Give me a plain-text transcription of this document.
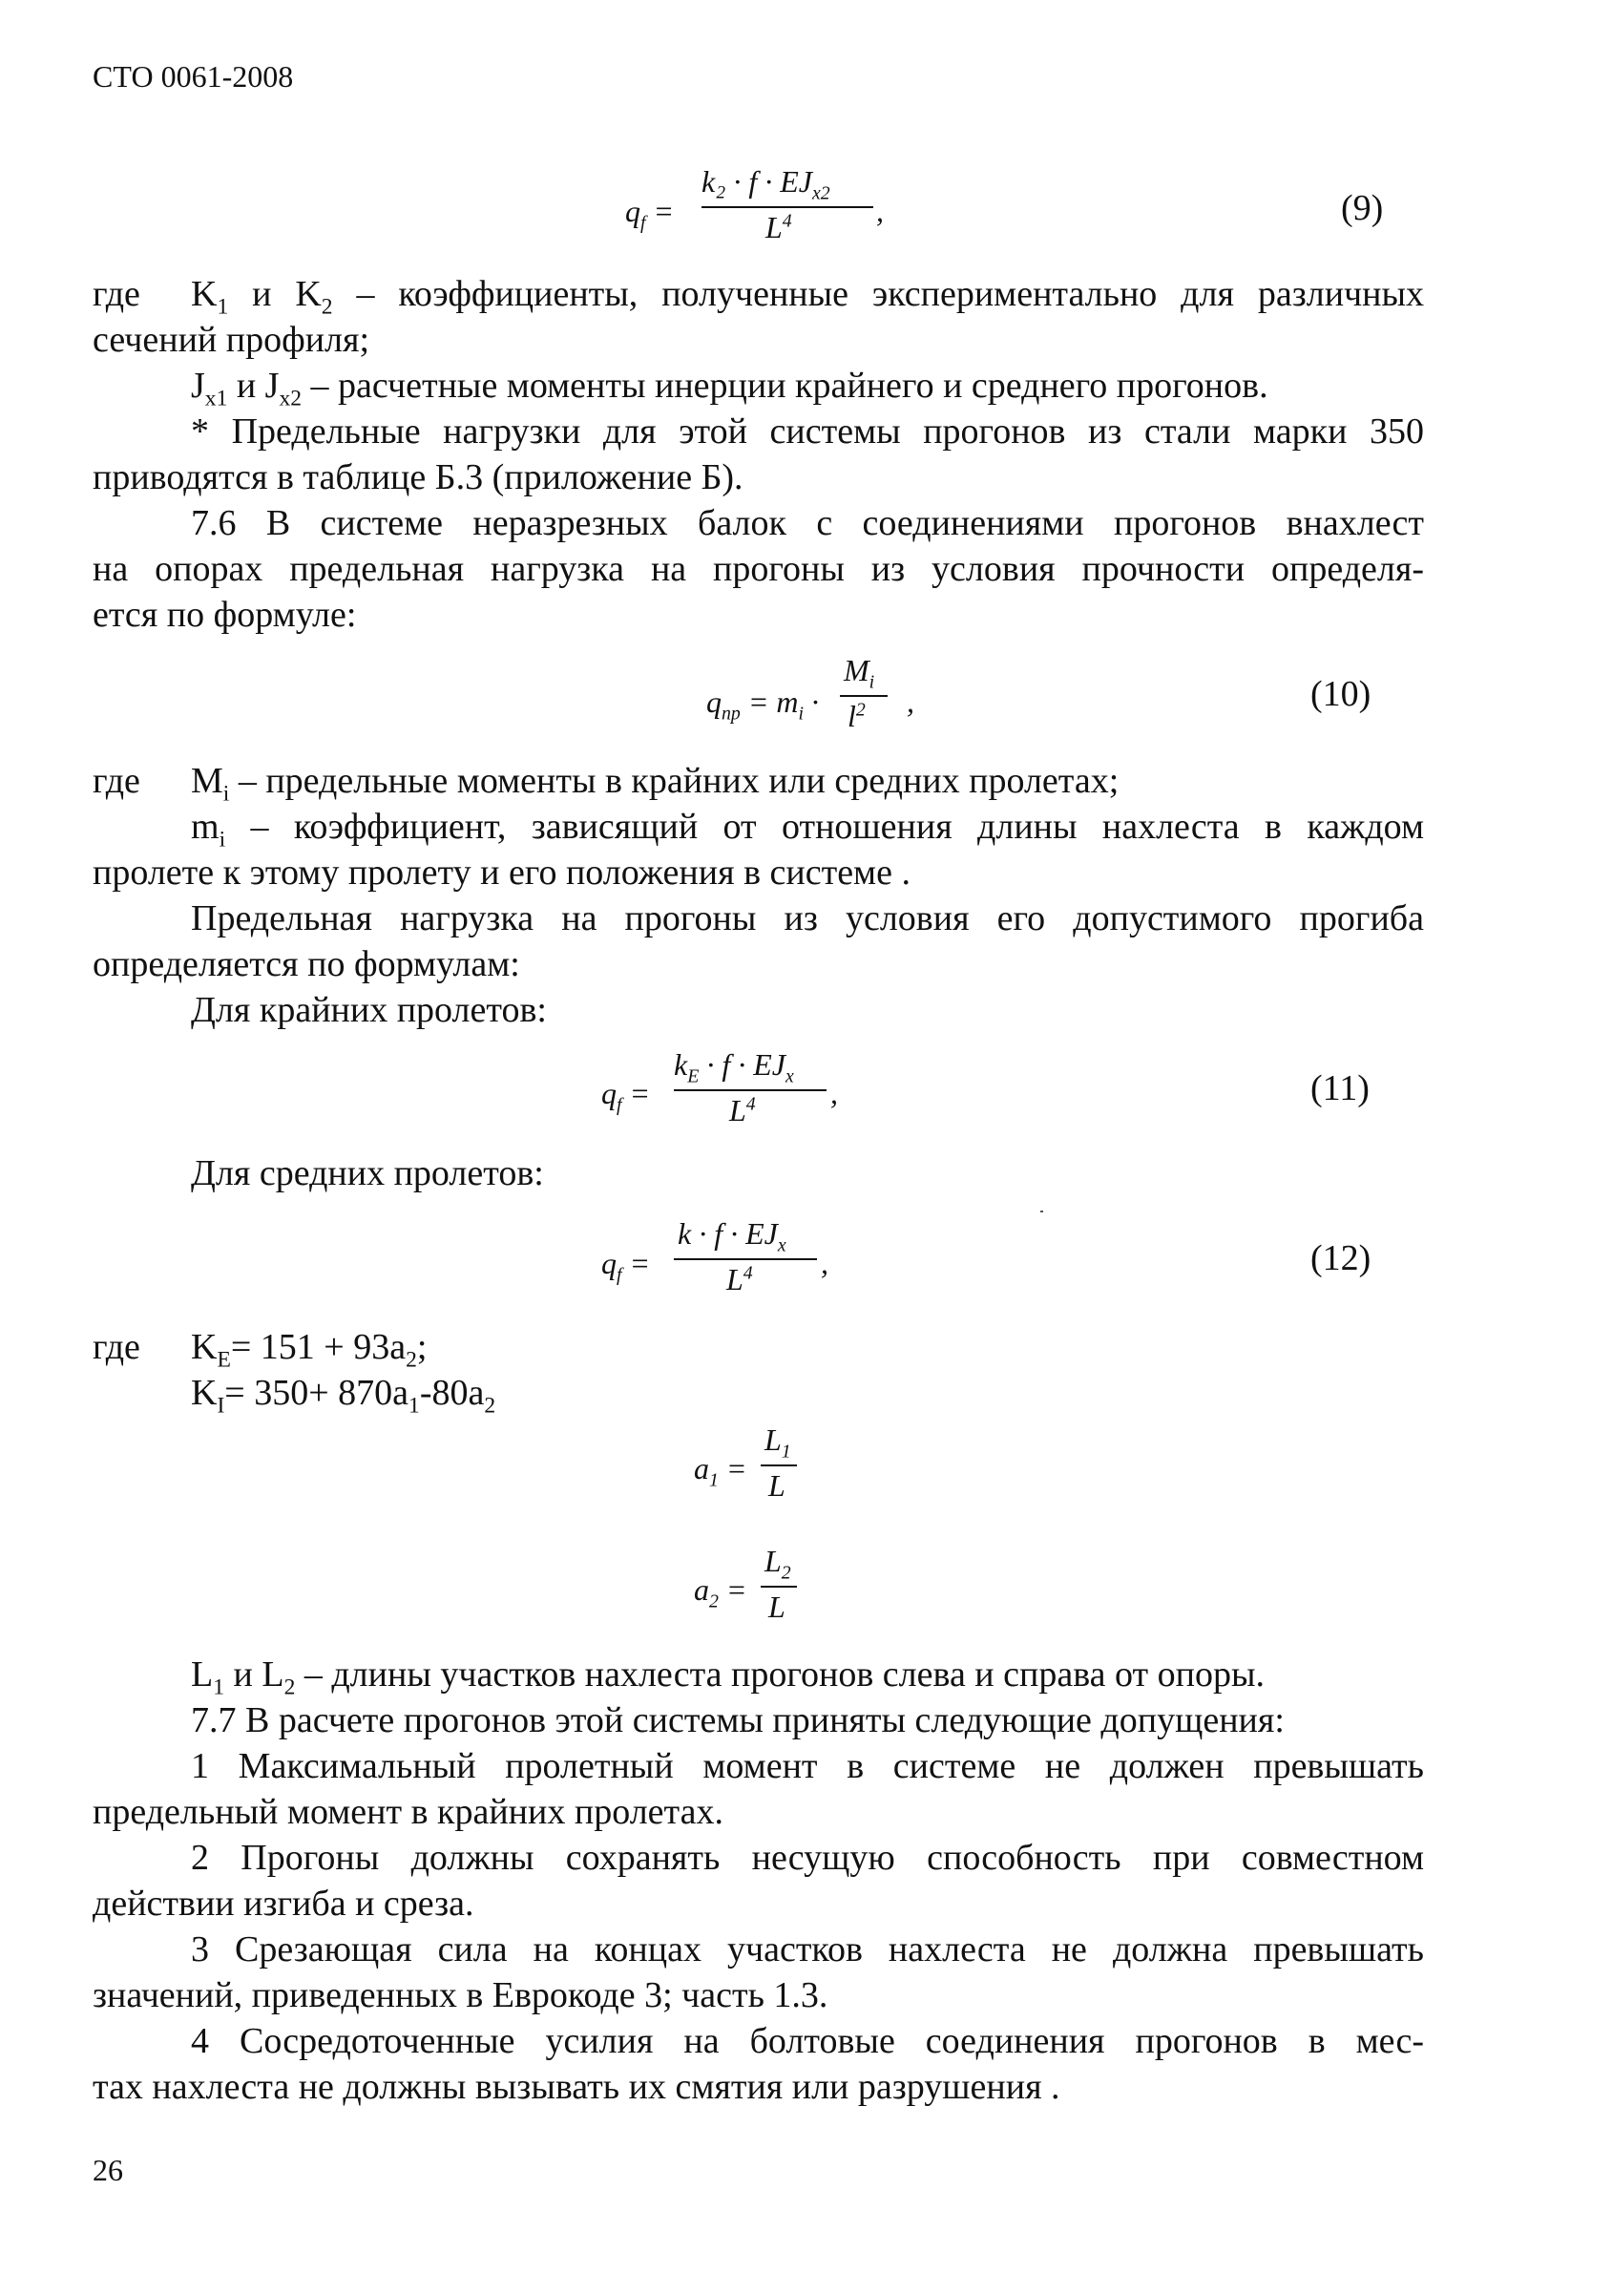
СТО 0061-2008
$q_f$ =
$k_2 \cdot f \cdot EJ_{x2}$
$L^4$	,	(9)
где $K_1$ и $K_2$ – коэффициенты, полученные экспериментально для различных
сечений профиля;
$J_{x1}$ и $J_{x2}$ – расчетные моменты инерции крайнего и среднего прогонов.
* Предельные нагрузки для этой системы прогонов из стали марки 350
приводятся в таблице Б.3 (приложение Б).
7.6 В системе неразрезных балок с соединениями прогонов внахлест
на опорах предельная нагрузка на прогоны из условия прочности определя-
ется по формуле:
$q_{пр} = m_i$ ·
$M_i$
$l^2$ ,	(10)
где $M_i$ – предельные моменты в крайних или средних пролетах;
$m_i$ – коэффициент, зависящий от отношения длины нахлеста в каждом
пролете к этому пролету и его положения в системе .
Предельная нагрузка на прогоны из условия его допустимого прогиба
определяется по формулам:
Для крайних пролетов:
$q_f$ =
$k_E \cdot f \cdot EJ_x$
$L^4$ ,	(11)
Для средних пролетов:
$q_f$ =
$k \cdot f \cdot EJ_x$
$L^4$ ,	(12)
где $K_E= 151 + 93a_2$;
$K_I= 350+ 870a_1-80a_2$
$a_1$ =
$L_1$
L
$a_2$ =
$L_2$
L
$L_1$ и $L_2$ – длины участков нахлеста прогонов слева и справа от опоры.
7.7 В расчете прогонов этой системы приняты следующие допущения:
1 Максимальный пролетный момент в системе не должен превышать
предельный момент в крайних пролетах.
2 Прогоны должны сохранять несущую способность при совместном
действии изгиба и среза.
3 Срезающая сила на концах участков нахлеста не должна превышать
значений, приведенных в Еврокоде 3; часть 1.3.
4 Сосредоточенные усилия на болтовые соединения прогонов в мес-
тах нахлеста не должны вызывать их смятия или разрушения .
26
